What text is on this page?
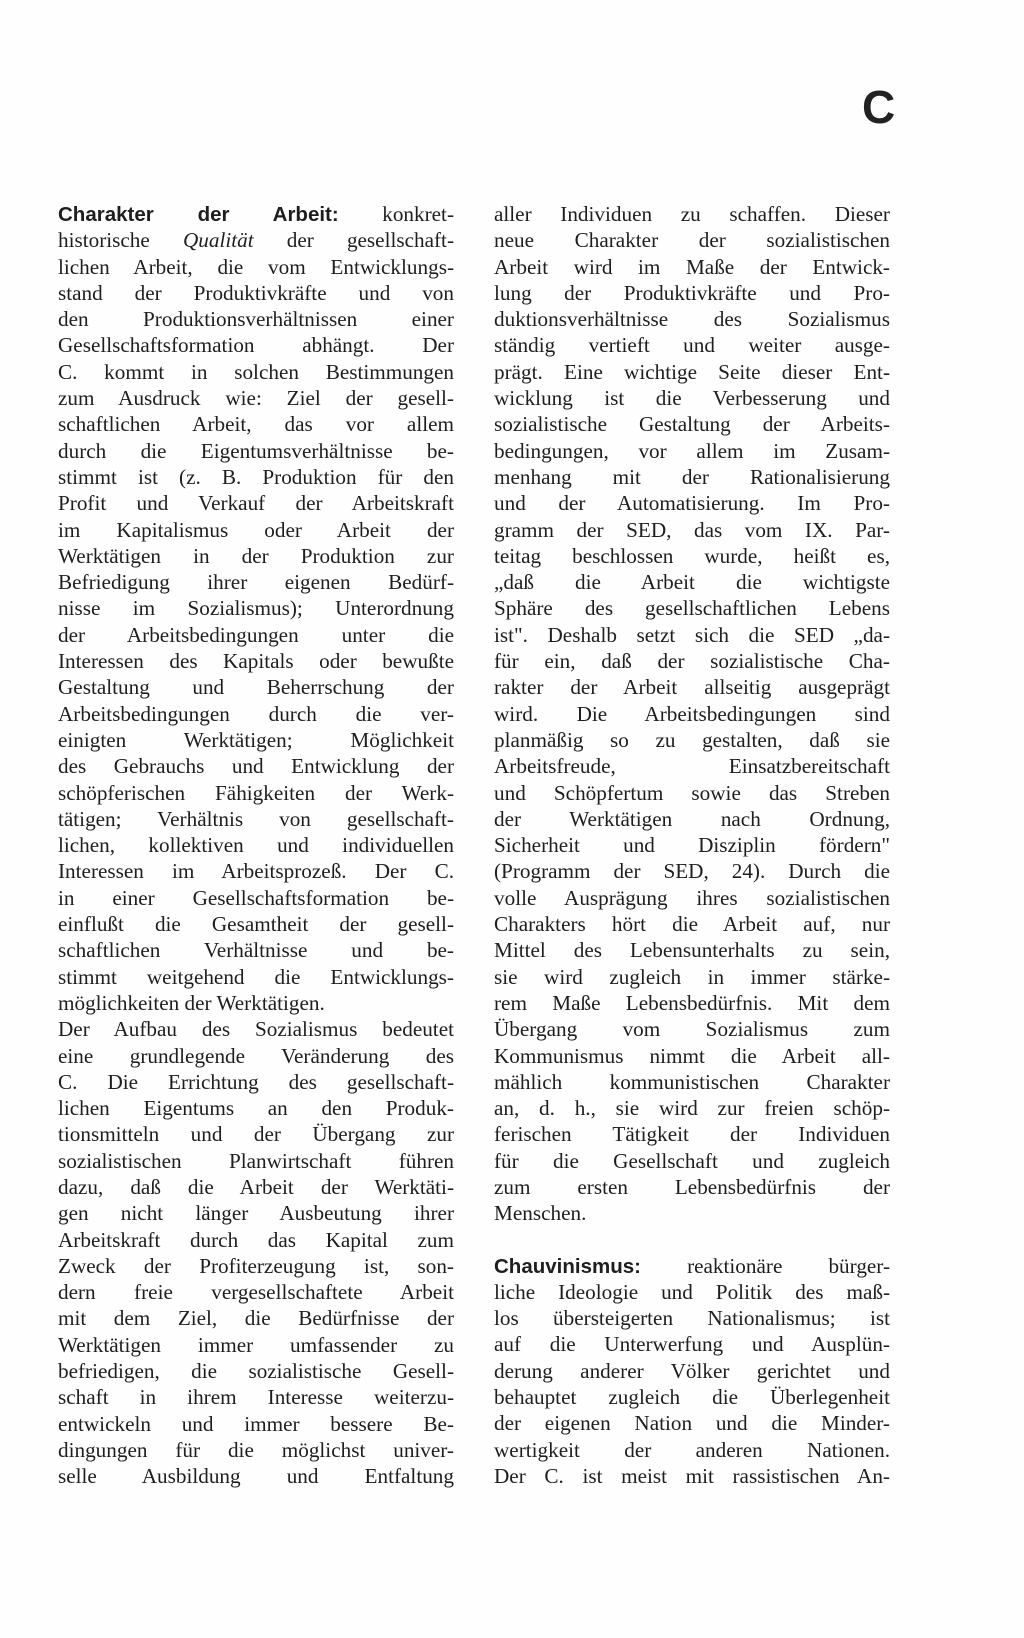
C
Charakter der Arbeit: konkret-
historische Qualität der gesellschaft-
lichen Arbeit, die vom Entwicklungs-
stand der Produktivkräfte und von
den Produktionsverhältnissen einer
Gesellschaftsformation abhängt. Der
C. kommt in solchen Bestimmungen
zum Ausdruck wie: Ziel der gesell-
schaftlichen Arbeit, das vor allem
durch die Eigentumsverhältnisse be-
stimmt ist (z. B. Produktion für den
Profit und Verkauf der Arbeitskraft
im Kapitalismus oder Arbeit der
Werktätigen in der Produktion zur
Befriedigung ihrer eigenen Bedürf-
nisse im Sozialismus); Unterordnung
der Arbeitsbedingungen unter die
Interessen des Kapitals oder bewußte
Gestaltung und Beherrschung der
Arbeitsbedingungen durch die ver-
einigten Werktätigen; Möglichkeit
des Gebrauchs und Entwicklung der
schöpferischen Fähigkeiten der Werk-
tätigen; Verhältnis von gesellschaft-
lichen, kollektiven und individuellen
Interessen im Arbeitsprozeß. Der C.
in einer Gesellschaftsformation be-
einflußt die Gesamtheit der gesell-
schaftlichen Verhältnisse und be-
stimmt weitgehend die Entwicklungs-
möglichkeiten der Werktätigen.
Der Aufbau des Sozialismus bedeutet
eine grundlegende Veränderung des
C. Die Errichtung des gesellschaft-
lichen Eigentums an den Produk-
tionsmitteln und der Übergang zur
sozialistischen Planwirtschaft führen
dazu, daß die Arbeit der Werktäti-
gen nicht länger Ausbeutung ihrer
Arbeitskraft durch das Kapital zum
Zweck der Profiterzeugung ist, son-
dern freie vergesellschaftete Arbeit
mit dem Ziel, die Bedürfnisse der
Werktätigen immer umfassender zu
befriedigen, die sozialistische Gesell-
schaft in ihrem Interesse weiterzu-
entwickeln und immer bessere Be-
dingungen für die möglichst univer-
selle Ausbildung und Entfaltung
aller Individuen zu schaffen. Dieser
neue Charakter der sozialistischen
Arbeit wird im Maße der Entwick-
lung der Produktivkräfte und Pro-
duktionsverhältnisse des Sozialismus
ständig vertieft und weiter ausge-
prägt. Eine wichtige Seite dieser Ent-
wicklung ist die Verbesserung und
sozialistische Gestaltung der Arbeits-
bedingungen, vor allem im Zusam-
menhang mit der Rationalisierung
und der Automatisierung. Im Pro-
gramm der SED, das vom IX. Par-
teitag beschlossen wurde, heißt es,
„daß die Arbeit die wichtigste
Sphäre des gesellschaftlichen Lebens
ist". Deshalb setzt sich die SED „da-
für ein, daß der sozialistische Cha-
rakter der Arbeit allseitig ausgeprägt
wird. Die Arbeitsbedingungen sind
planmäßig so zu gestalten, daß sie
Arbeitsfreude, Einsatzbereitschaft
und Schöpfertum sowie das Streben
der Werktätigen nach Ordnung,
Sicherheit und Disziplin fördern"
(Programm der SED, 24). Durch die
volle Ausprägung ihres sozialistischen
Charakters hört die Arbeit auf, nur
Mittel des Lebensunterhalts zu sein,
sie wird zugleich in immer stärke-
rem Maße Lebensbedürfnis. Mit dem
Übergang vom Sozialismus zum
Kommunismus nimmt die Arbeit all-
mählich kommunistischen Charakter
an, d. h., sie wird zur freien schöp-
ferischen Tätigkeit der Individuen
für die Gesellschaft und zugleich
zum ersten Lebensbedürfnis der
Menschen.
Chauvinismus: reaktionäre bürger-
liche Ideologie und Politik des maß-
los übersteigerten Nationalismus; ist
auf die Unterwerfung und Ausplün-
derung anderer Völker gerichtet und
behauptet zugleich die Überlegenheit
der eigenen Nation und die Minder-
wertigkeit der anderen Nationen.
Der C. ist meist mit rassistischen An-
